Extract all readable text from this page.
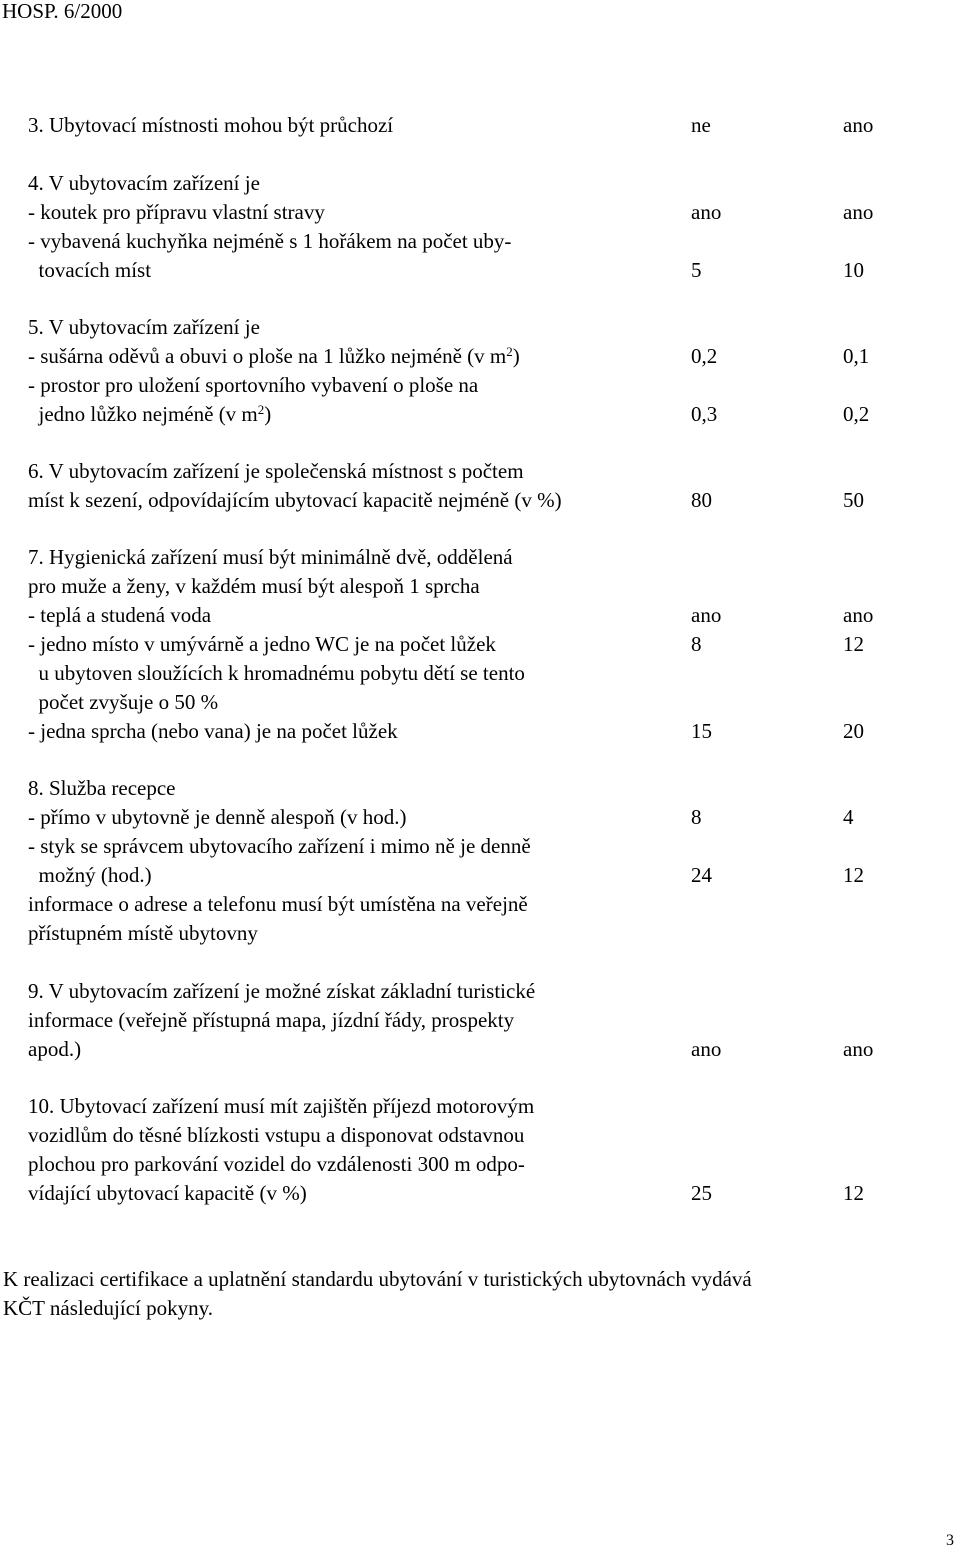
HOSP. 6/2000
3. Ubytovací místnosti mohou být průchozí	ne	ano
4. V ubytovacím zařízení je
- koutek pro přípravu vlastní stravy	ano	ano
- vybavená kuchyňka nejméně s 1 hořákem na počet uby-
tovacích míst	5	10
5. V ubytovacím zařízení je
- sušárna oděvů a obuvi o ploše na 1 lůžko nejméně (v $m^2$)	0,2	0,1
- prostor pro uložení sportovního vybavení o ploše na
jedno lůžko nejméně (v $m^2$)	0,3	0,2
6. V ubytovacím zařízení je společenská místnost s počtem
míst k sezení, odpovídajícím ubytovací kapacitě nejméně (v %)	80	50
7. Hygienická zařízení musí být minimálně dvě, oddělená
pro muže a ženy, v každém musí být alespoň 1 sprcha
- teplá a studená voda	ano	ano
- jedno místo v umývárně a jedno WC je na počet lůžek	8	12
u ubytoven sloužících k hromadnému pobytu dětí se tento
počet zvyšuje o 50 %
- jedna sprcha (nebo vana) je na počet lůžek	15	20
8. Služba recepce
- přímo v ubytovně je denně alespoň (v hod.)	8	4
- styk se správcem ubytovacího zařízení i mimo ně je denně
možný (hod.)	24	12
informace o adrese a telefonu musí být umístěna na veřejně
přístupném místě ubytovny
9. V ubytovacím zařízení je možné získat základní turistické
informace (veřejně přístupná mapa, jízdní řády, prospekty
apod.)	ano	ano
10. Ubytovací zařízení musí mít zajištěn příjezd motorovým
vozidlům do těsné blízkosti vstupu a disponovat odstavnou
plochou pro parkování vozidel do vzdálenosti 300 m odpo-
vídající ubytovací kapacitě (v %)	25	12
K realizaci certifikace a uplatnění standardu ubytování v turistických ubytovnách vydává
KČT následující pokyny.
3
